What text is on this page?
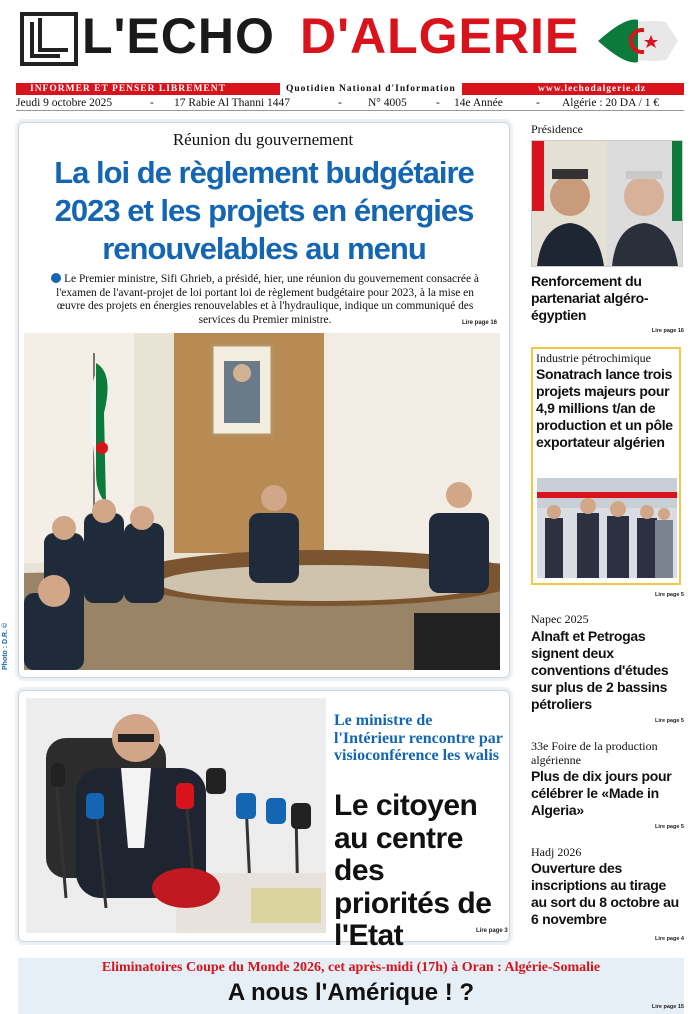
L'ECHO D'ALGERIE
INFORMER ET PENSER LIBREMENT	Quotidien National d'Information	www.lechodalgerie.dz
Jeudi 9 octobre 2025	- 17 Rabie Al Thanni 1447	- N° 4005	- 14e Année	- Algérie : 20 DA / 1 €
Réunion du gouvernement
La loi de règlement budgétaire 2023 et les projets en énergies renouvelables au menu
Le Premier ministre, Sifi Ghrieb, a présidé, hier, une réunion du gouvernement consacrée à l'examen de l'avant-projet de loi portant loi de règlement budgétaire pour 2023, à la mise en œuvre des projets en énergies renouvelables et à l'hydraulique, indique un communiqué des services du Premier ministre.	Lire page 16
Photo : D.R. ©
Le ministre de l'Intérieur rencontre par visioconférence les walis
Le citoyen au centre des priorités de l'Etat	Lire page 3
Présidence
Renforcement du partenariat algéro-égyptien
Lire page 16
Industrie pétrochimique
Sonatrach lance trois projets majeurs pour 4,9 millions t/an de production et un pôle exportateur algérien
Lire page 5
Napec 2025
Alnaft et Petrogas signent deux conventions d'études sur plus de 2 bassins pétroliers
Lire page 5
33e Foire de la production algérienne
Plus de dix jours pour célébrer le «Made in Algeria»
Lire page 5
Hadj 2026
Ouverture des inscriptions au tirage au sort du 8 octobre au 6 novembre
Lire page 4
Eliminatoires Coupe du Monde 2026, cet après-midi (17h) à Oran : Algérie-Somalie
A nous l'Amérique ! ?
Lire page 15
